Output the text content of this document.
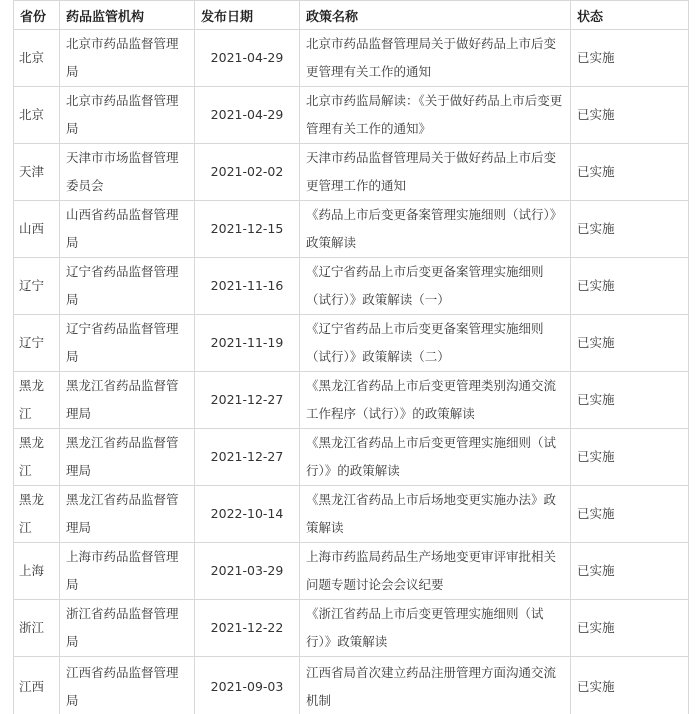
省份	药品监管机构	发布日期	政策名称	状态
北京	北京市药品监督管理局	2021-04-29	北京市药品监督管理局关于做好药品上市后变更管理有关工作的通知	已实施
北京	北京市药品监督管理局	2021-04-29	北京市药监局解读：《关于做好药品上市后变更管理有关工作的通知》	已实施
天津	天津市市场监督管理委员会	2021-02-02	天津市药品监督管理局关于做好药品上市后变更管理工作的通知	已实施
山西	山西省药品监督管理局	2021-12-15	《药品上市后变更备案管理实施细则（试行）》政策解读	已实施
辽宁	辽宁省药品监督管理局	2021-11-16	《辽宁省药品上市后变更备案管理实施细则（试行）》政策解读（一）	已实施
辽宁	辽宁省药品监督管理局	2021-11-19	《辽宁省药品上市后变更备案管理实施细则（试行）》政策解读（二）	已实施
黑龙江	黑龙江省药品监督管理局	2021-12-27	《黑龙江省药品上市后变更管理类别沟通交流工作程序（试行）》的政策解读	已实施
黑龙江	黑龙江省药品监督管理局	2021-12-27	《黑龙江省药品上市后变更管理实施细则（试行）》的政策解读	已实施
黑龙江	黑龙江省药品监督管理局	2022-10-14	《黑龙江省药品上市后场地变更实施办法》政策解读	已实施
上海	上海市药品监督管理局	2021-03-29	上海市药监局药品生产场地变更审评审批相关问题专题讨论会会议纪要	已实施
浙江	浙江省药品监督管理局	2021-12-22	《浙江省药品上市后变更管理实施细则（试行）》政策解读	已实施
江西	江西省药品监督管理局	2021-09-03	江西省局首次建立药品注册管理方面沟通交流机制	已实施
